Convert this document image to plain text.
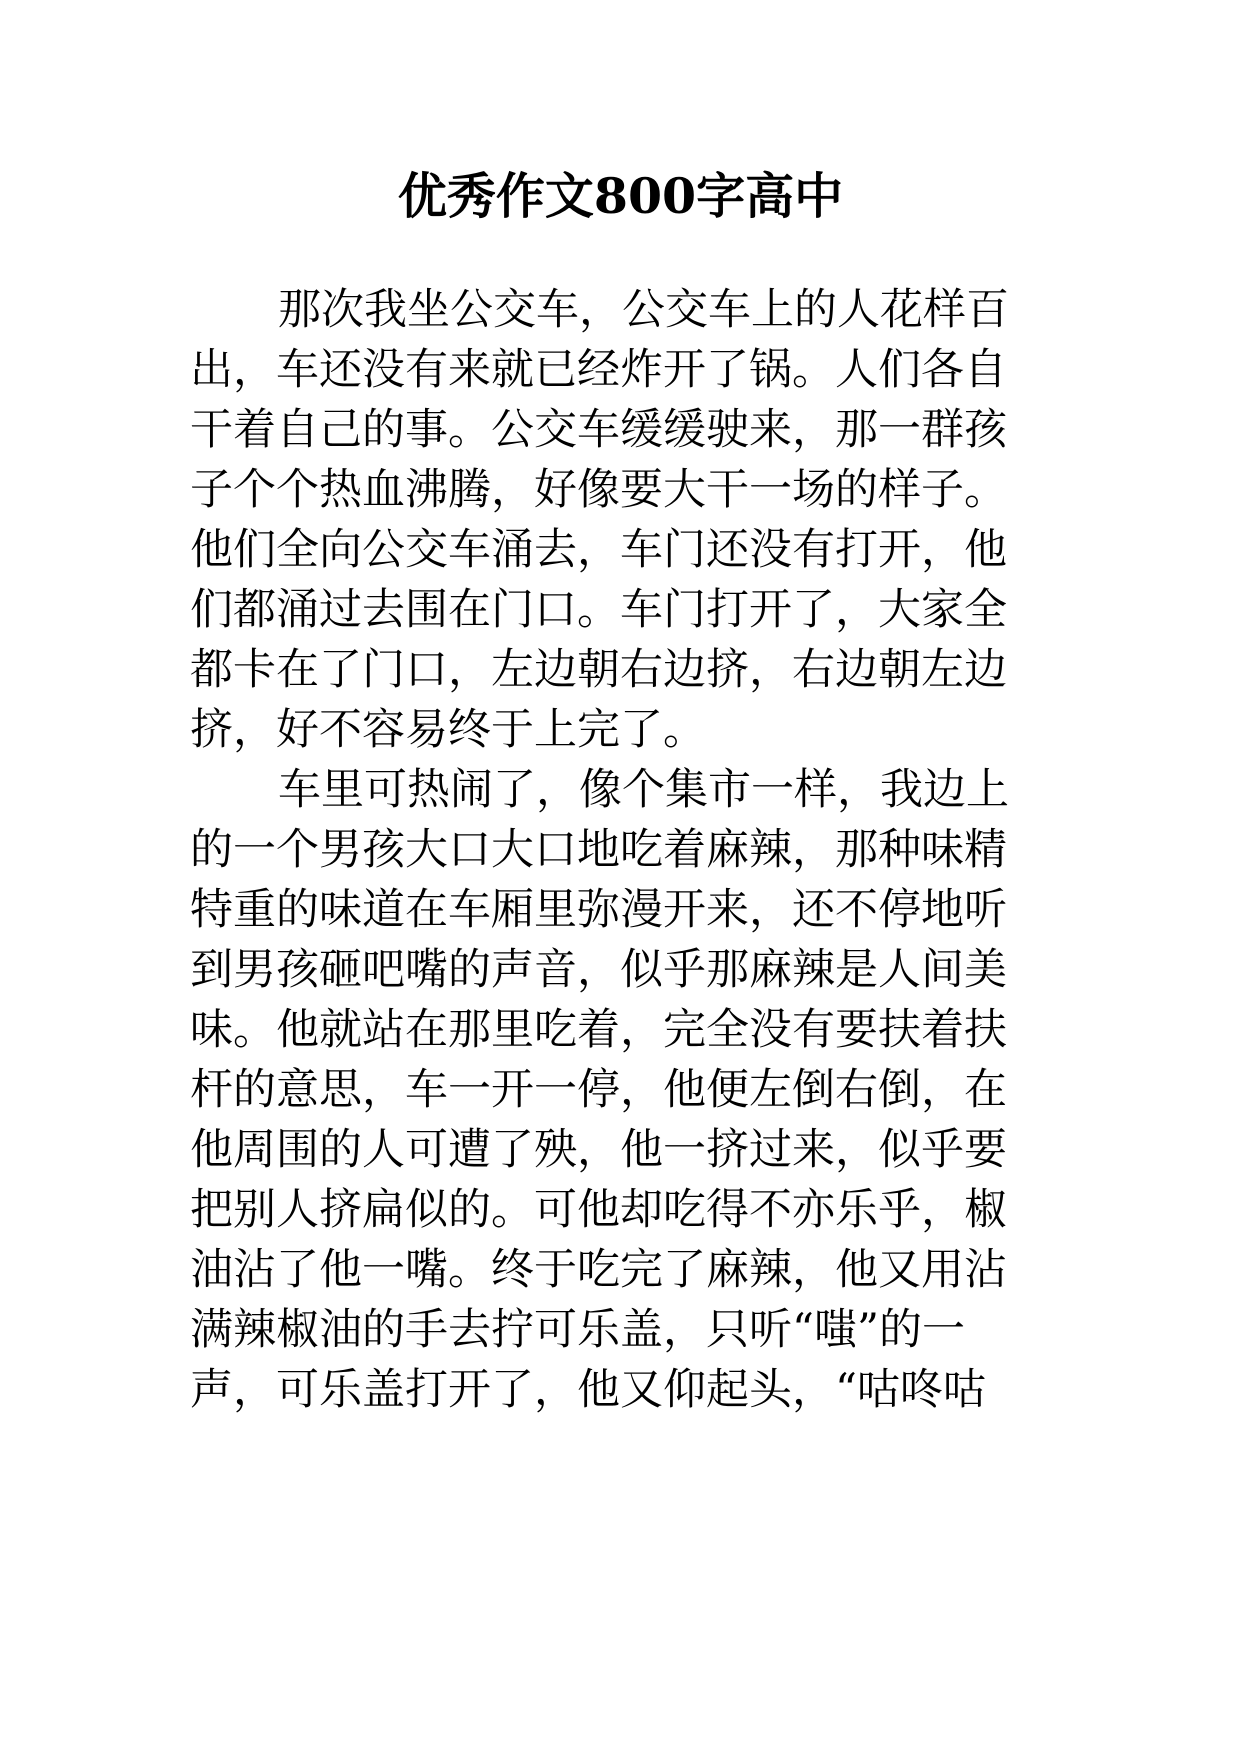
优秀作文800字高中

那次我坐公交车，公交车上的人花样百

出，车还没有来就已经炸开了锅。人们各自

干着自己的事。公交车缓缓驶来，那一群孩

子个个热血沸腾，好像要大干一场的样子。

他们全向公交车涌去，车门还没有打开，他

们都涌过去围在门口。车门打开了，大家全

都卡在了门口，左边朝右边挤，右边朝左边

挤，好不容易终于上完了。

车里可热闹了，像个集市一样，我边上

的一个男孩大口大口地吃着麻辣，那种味精

特重的味道在车厢里弥漫开来，还不停地听

到男孩砸吧嘴的声音，似乎那麻辣是人间美

味。他就站在那里吃着，完全没有要扶着扶

杆的意思，车一开一停，他便左倒右倒，在

他周围的人可遭了殃，他一挤过来，似乎要

把别人挤扁似的。可他却吃得不亦乐乎，椒

油沾了他一嘴。终于吃完了麻辣，他又用沾

满辣椒油的手去拧可乐盖，只听“嗤”的一

声，可乐盖打开了，他又仰起头，“咕咚咕
